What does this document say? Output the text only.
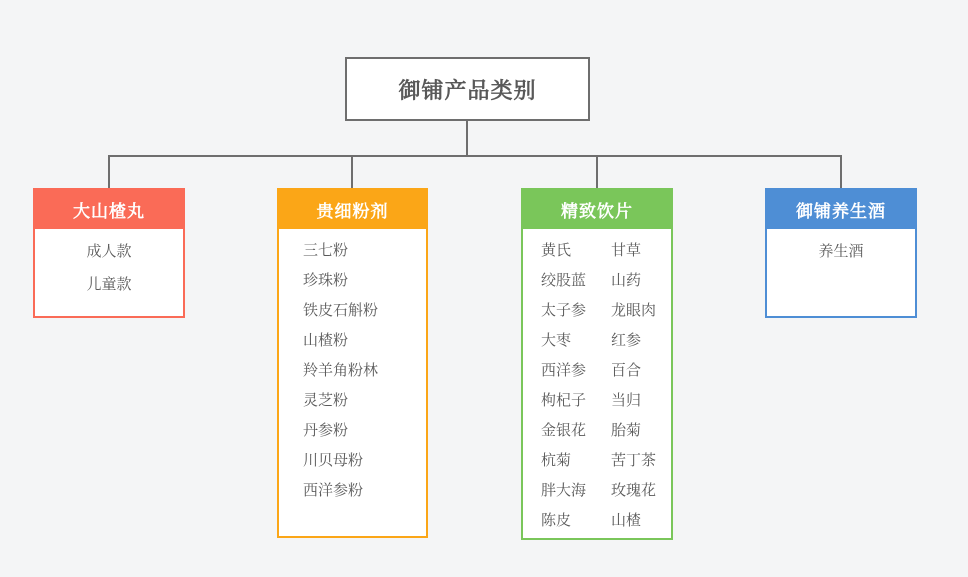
御铺产品类别
大山楂丸
成人款
儿童款
贵细粉剂
三七粉
珍珠粉
铁皮石斛粉
山楂粉
羚羊角粉林
灵芝粉
丹参粉
川贝母粉
西洋参粉
精致饮片
黄氏
绞股蓝
太子参
大枣
西洋参
枸杞子
金银花
杭菊
胖大海
陈皮
甘草
山药
龙眼肉
红参
百合
当归
胎菊
苦丁茶
玫瑰花
山楂
御铺养生酒
养生酒
